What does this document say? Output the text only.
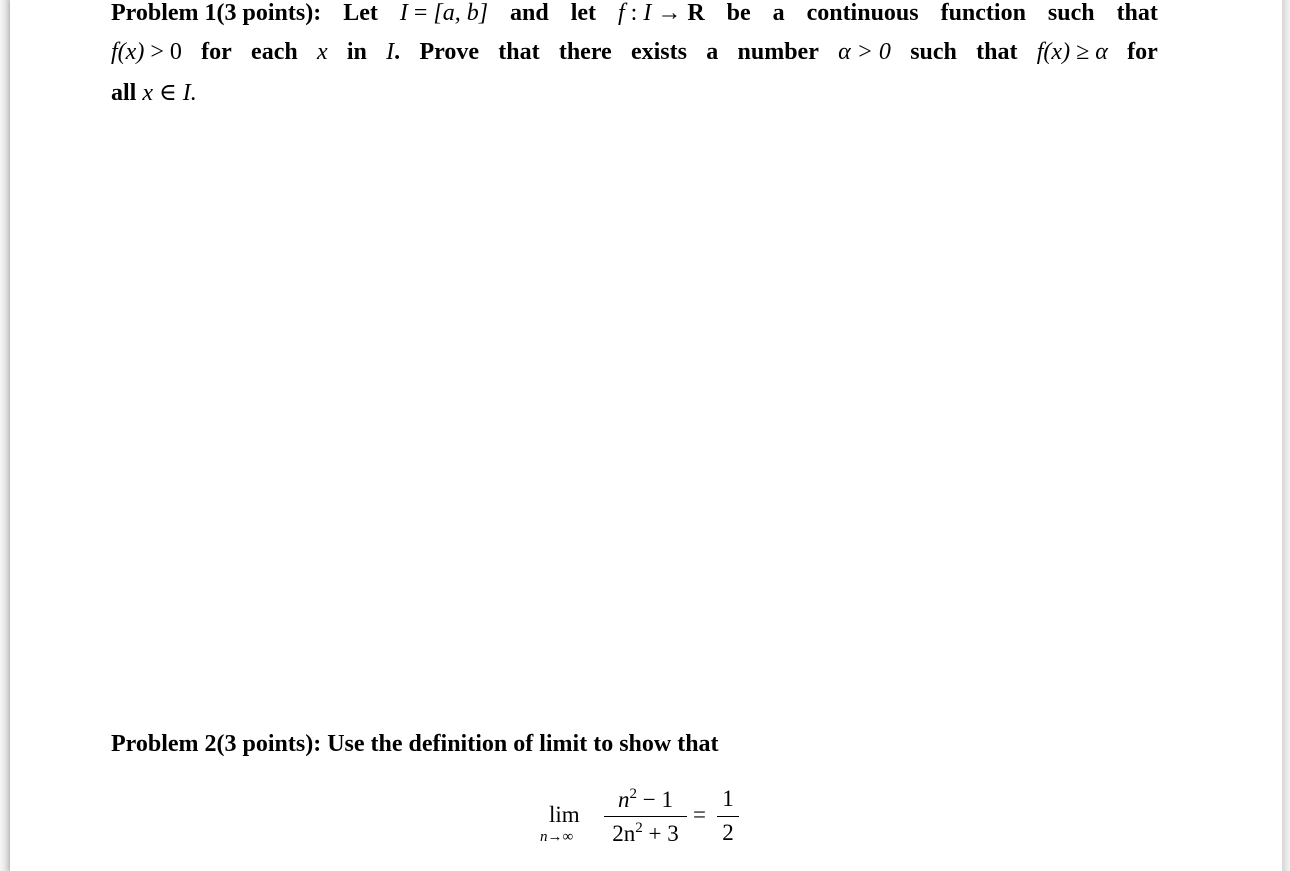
Problem 1(3 points): Let I = [a, b] and let f : I → R be a continuous function such that
f(x) > 0 for each x in I. Prove that there exists a number α > 0 such that f(x) ≥ α for
all x ∈ I.
Problem 2(3 points): Use the definition of limit to show that
lim
n→∞
$n^2 - 1$
$2n^2 + 3$
=
1
2
